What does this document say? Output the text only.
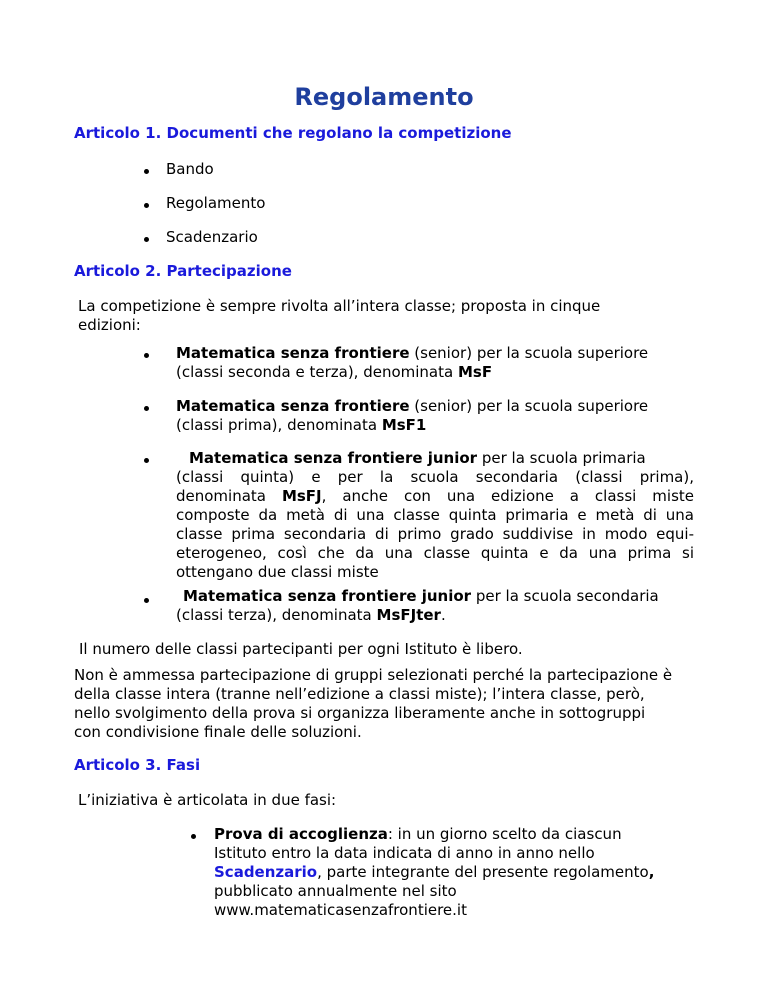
Regolamento
Articolo 1. Documenti che regolano la competizione
Bando
Regolamento
Scadenzario
Articolo 2. Partecipazione
La competizione è sempre rivolta all’intera classe; proposta in cinque
edizioni:
Matematica senza frontiere (senior) per la scuola superiore
(classi seconda e terza), denominata MsF
Matematica senza frontiere (senior) per la scuola superiore
(classi prima), denominata MsF1
Matematica senza frontiere junior per la scuola primaria
(classi quinta) e per la scuola secondaria (classi prima),
denominata MsFJ, anche con una edizione a classi miste
composte da metà di una classe quinta primaria e metà di una
classe prima secondaria di primo grado suddivise in modo equi-
eterogeneo, così che da una classe quinta e da una prima si
ottengano due classi miste
Matematica senza frontiere junior per la scuola secondaria
(classi terza), denominata MsFJter.
Il numero delle classi partecipanti per ogni Istituto è libero.
Non è ammessa partecipazione di gruppi selezionati perché la partecipazione è
della classe intera (tranne nell’edizione a classi miste); l’intera classe, però,
nello svolgimento della prova si organizza liberamente anche in sottogruppi
con condivisione finale delle soluzioni.
Articolo 3. Fasi
L’iniziativa è articolata in due fasi:
Prova di accoglienza: in un giorno scelto da ciascun
Istituto entro la data indicata di anno in anno nello
Scadenzario, parte integrante del presente regolamento,
pubblicato annualmente nel sito
www.matematicasenzafrontiere.it
